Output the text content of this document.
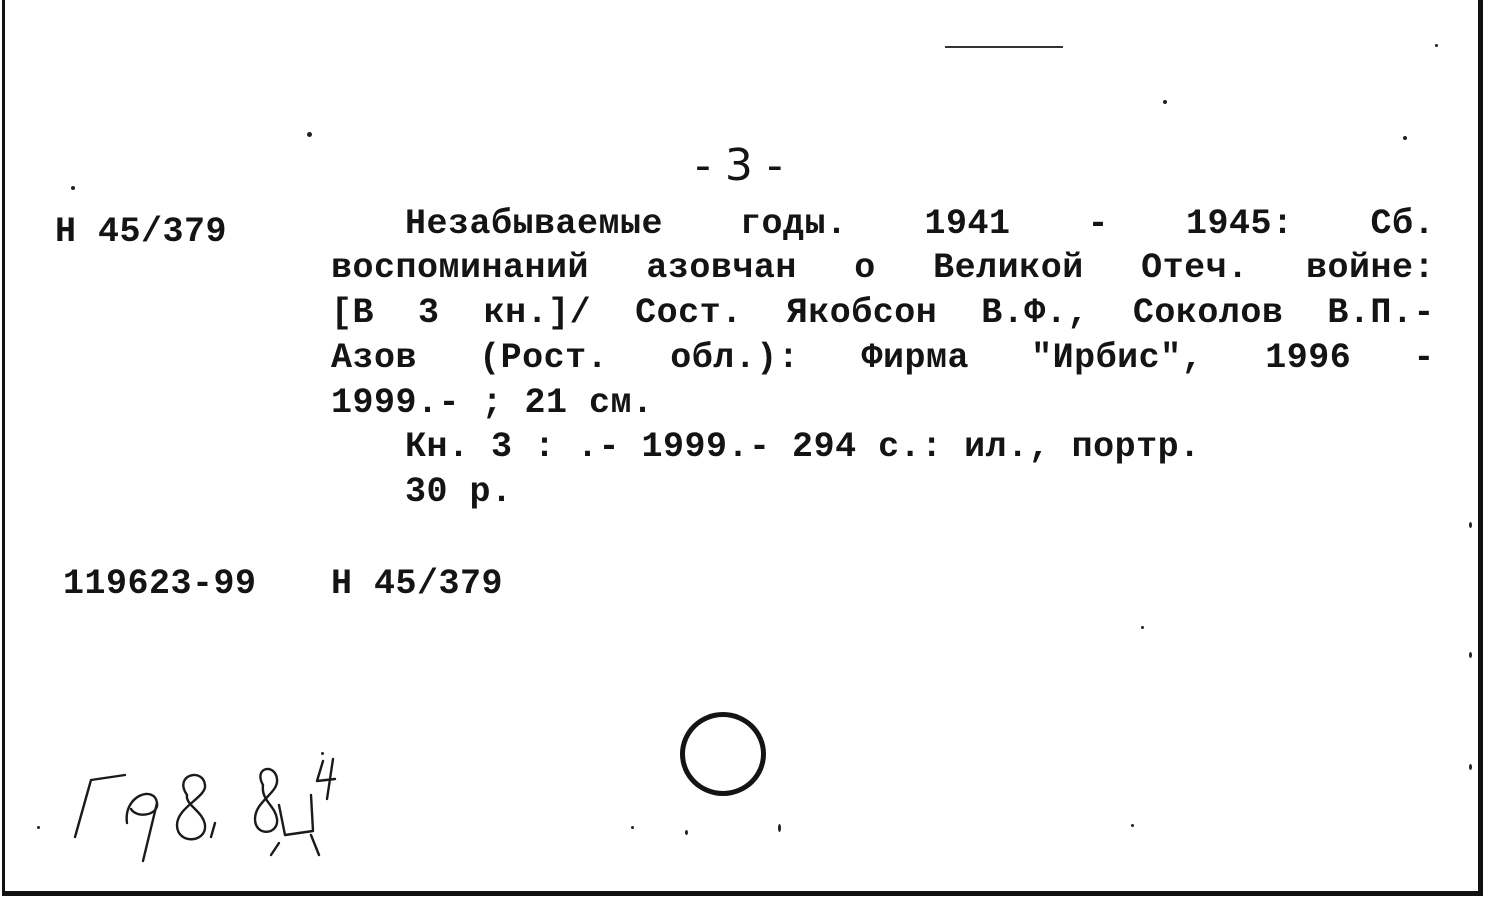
- 3 -
Н 45/379	Незабываемые годы. 1941 - 1945: Сб.
воспоминаний азовчан о Великой Отеч. войне:
[В 3 кн.]/ Сост. Якобсон В.Ф., Соколов В.П.-
Азов (Рост. обл.): Фирма "Ирбис", 1996 -
1999.- ; 21 см.
Кн. 3 : .- 1999.- 294 с.: ил., портр.
30 р.
119623-99 Н 45/379
